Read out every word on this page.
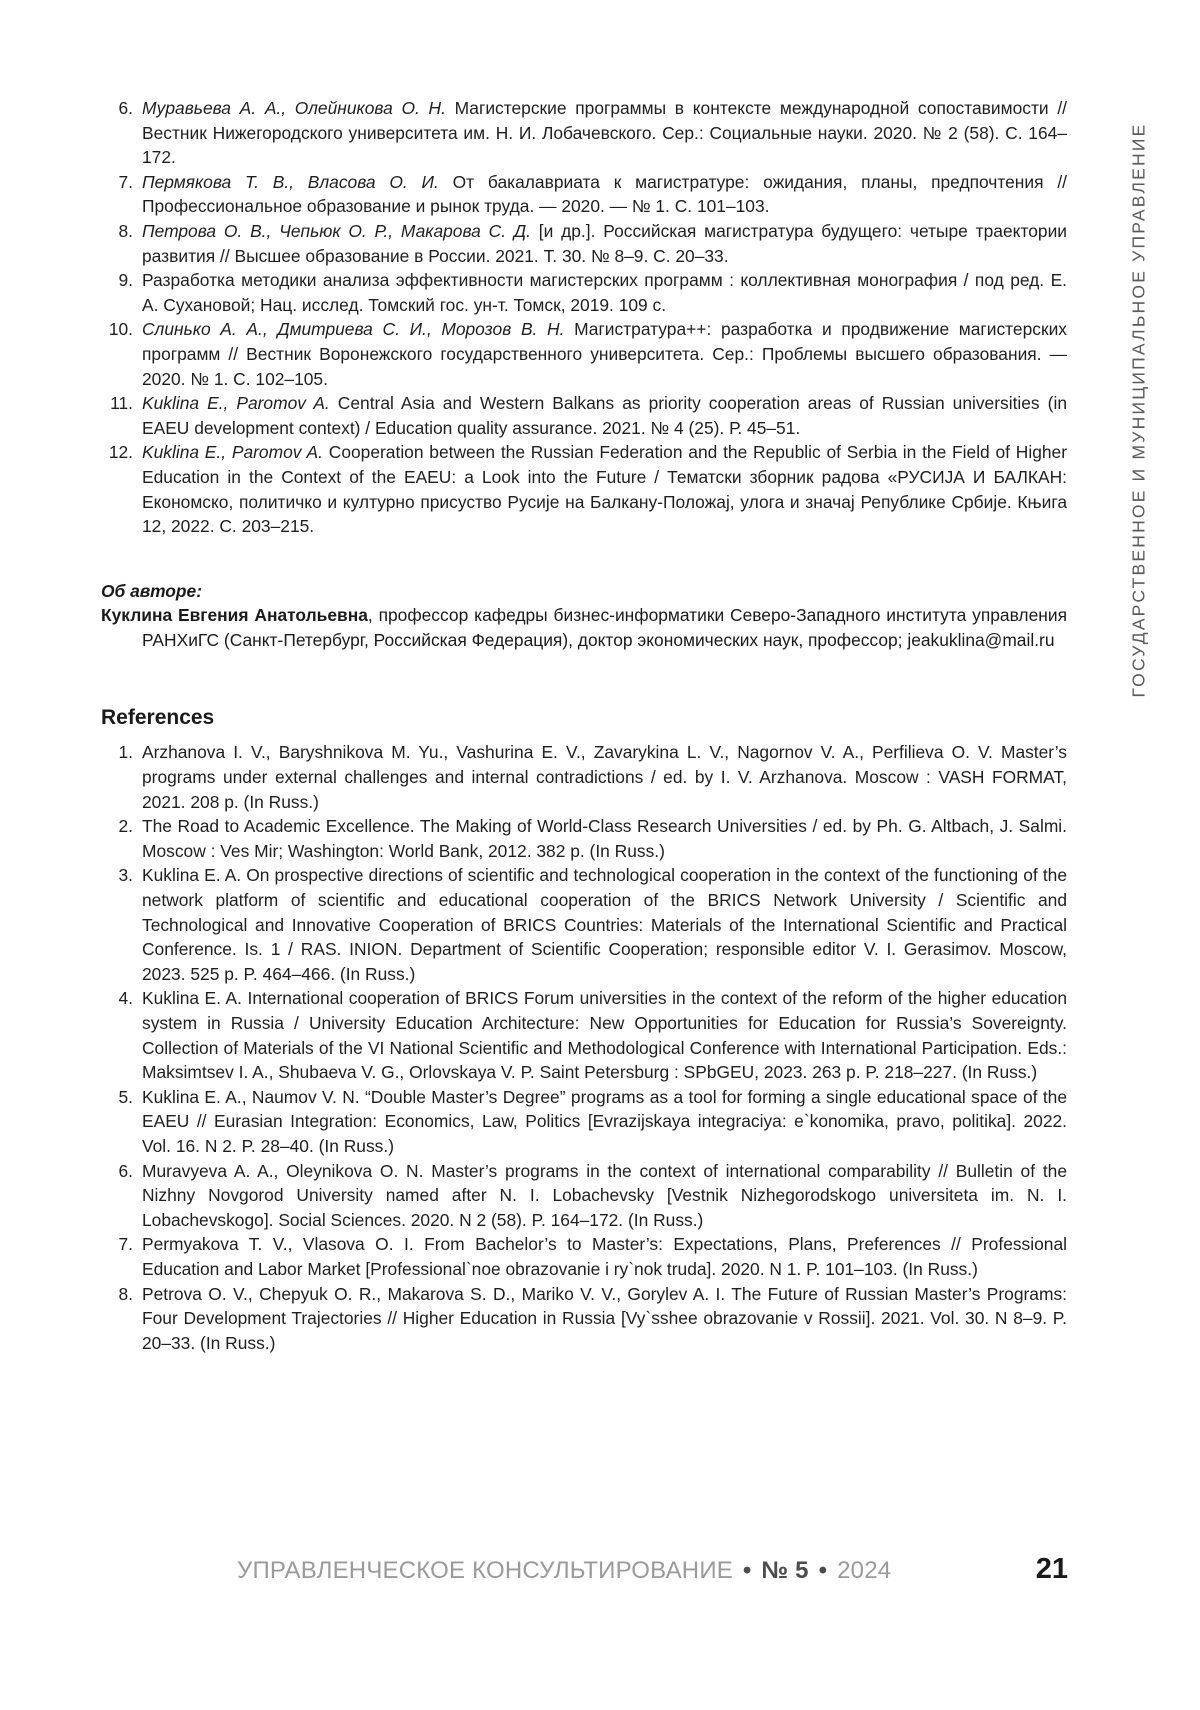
ГОСУДАРСТВЕННОЕ И МУНИЦИПАЛЬНОЕ УПРАВЛЕНИЕ
6. Муравьева А. А., Олейникова О. Н. Магистерские программы в контексте международной сопоставимости // Вестник Нижегородского университета им. Н. И. Лобачевского. Сер.: Социальные науки. 2020. № 2 (58). С. 164–172.
7. Пермякова Т. В., Власова О. И. От бакалавриата к магистратуре: ожидания, планы, предпочтения // Профессиональное образование и рынок труда. — 2020. — № 1. С. 101–103.
8. Петрова О. В., Чепьюк О. Р., Макарова С. Д. [и др.]. Российская магистратура будущего: четыре траектории развития // Высшее образование в России. 2021. Т. 30. № 8–9. С. 20–33.
9. Разработка методики анализа эффективности магистерских программ : коллективная монография / под ред. Е. А. Сухановой; Нац. исслед. Томский гос. ун-т. Томск, 2019. 109 с.
10. Слинько А. А., Дмитриева С. И., Морозов В. Н. Магистратура++: разработка и продвижение магистерских программ // Вестник Воронежского государственного университета. Сер.: Проблемы высшего образования. — 2020. № 1. С. 102–105.
11. Kuklina E., Paromov A. Central Asia and Western Balkans as priority cooperation areas of Russian universities (in EAEU development context) / Education quality assurance. 2021. № 4 (25). Р. 45–51.
12. Kuklina E., Paromov A. Cooperation between the Russian Federation and the Republic of Serbia in the Field of Higher Education in the Context of the EAEU: a Look into the Future / Тематски зборник радова «РУСИЈА И БАЛКАН: Економско, политичко и културно присуство Русије на Балкану-Положај, улога и значај Републике Србије. Књига 12, 2022. С. 203–215.
Об авторе:

Куклина Евгения Анатольевна, профессор кафедры бизнес-информатики Северо-Западного института управления РАНХиГС (Санкт-Петербург, Российская Федерация), доктор экономических наук, профессор; jeakuklina@mail.ru

References
1. Arzhanova I. V., Baryshnikova M. Yu., Vashurina E. V., Zavarykina L. V., Nagornov V. A., Perfilieva O. V. Master’s programs under external challenges and internal contradictions / ed. by I. V. Arzhanova. Moscow : VASH FORMAT, 2021. 208 p. (In Russ.)
2. The Road to Academic Excellence. The Making of World-Class Research Universities / ed. by Ph. G. Altbach, J. Salmi. Moscow : Ves Mir; Washington: World Bank, 2012. 382 p. (In Russ.)
3. Kuklina E. A. On prospective directions of scientific and technological cooperation in the context of the functioning of the network platform of scientific and educational cooperation of the BRICS Network University / Scientific and Technological and Innovative Cooperation of BRICS Countries: Materials of the International Scientific and Practical Conference. Is. 1 / RAS. INION. Department of Scientific Cooperation; responsible editor V. I. Gerasimov. Moscow, 2023. 525 p. P. 464–466. (In Russ.)
4. Kuklina E. A. International cooperation of BRICS Forum universities in the context of the reform of the higher education system in Russia / University Education Architecture: New Opportunities for Education for Russia’s Sovereignty. Collection of Materials of the VI National Scientific and Methodological Conference with International Participation. Eds.: Maksimtsev I. A., Shubaeva V. G., Orlovskaya V. P. Saint Petersburg : SPbGEU, 2023. 263 p. P. 218–227. (In Russ.)
5. Kuklina E. A., Naumov V. N. “Double Master’s Degree” programs as a tool for forming a single educational space of the EAEU // Eurasian Integration: Economics, Law, Politics [Evrazijskaya integraciya: e`konomika, pravo, politika]. 2022. Vol. 16. N 2. P. 28–40. (In Russ.)
6. Muravyeva A. A., Oleynikova O. N. Master’s programs in the context of international comparability // Bulletin of the Nizhny Novgorod University named after N. I. Lobachevsky [Vestnik Nizhegorodskogo universiteta im. N. I. Lobachevskogo]. Social Sciences. 2020. N 2 (58). P. 164–172. (In Russ.)
7. Permyakova T. V., Vlasova O. I. From Bachelor’s to Master’s: Expectations, Plans, Preferences // Professional Education and Labor Market [Professional`noe obrazovanie i ry`nok truda]. 2020. N 1. P. 101–103. (In Russ.)
8. Petrova O. V., Chepyuk O. R., Makarova S. D., Mariko V. V., Gorylev A. I. The Future of Russian Master’s Programs: Four Development Trajectories // Higher Education in Russia [Vy`sshee obrazovanie v Rossii]. 2021. Vol. 30. N 8–9. P. 20–33. (In Russ.)
УПРАВЛЕНЧЕСКОЕ КОНСУЛЬТИРОВАНИЕ • № 5 • 2024	21
